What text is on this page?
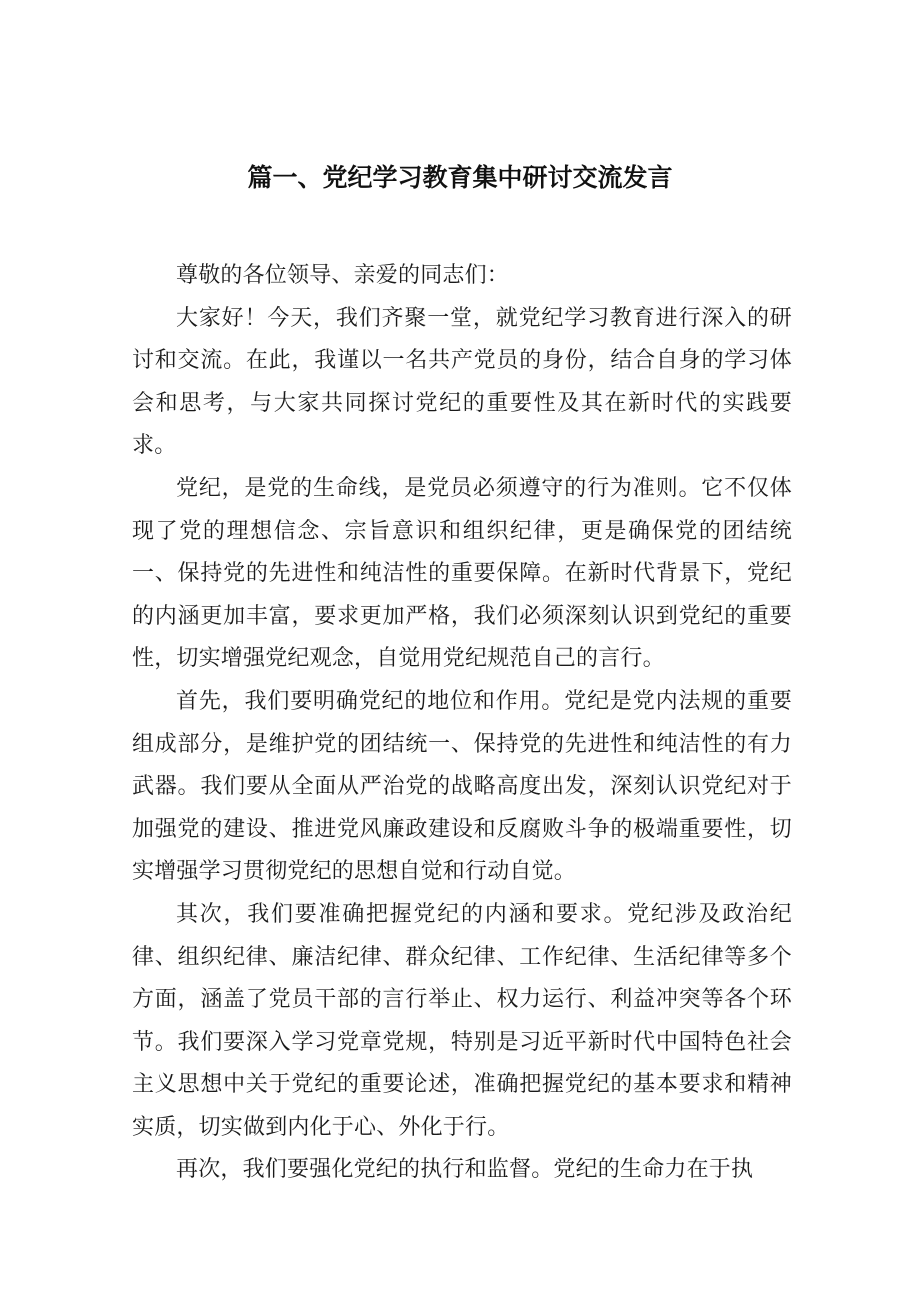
篇一、党纪学习教育集中研讨交流发言

尊敬的各位领导、亲爱的同志们：

大家好！今天，我们齐聚一堂，就党纪学习教育进行深入的研讨和交流。在此，我谨以一名共产党员的身份，结合自身的学习体会和思考，与大家共同探讨党纪的重要性及其在新时代的实践要求。

党纪，是党的生命线，是党员必须遵守的行为准则。它不仅体现了党的理想信念、宗旨意识和组织纪律，更是确保党的团结统一、保持党的先进性和纯洁性的重要保障。在新时代背景下，党纪的内涵更加丰富，要求更加严格，我们必须深刻认识到党纪的重要性，切实增强党纪观念，自觉用党纪规范自己的言行。

首先，我们要明确党纪的地位和作用。党纪是党内法规的重要组成部分，是维护党的团结统一、保持党的先进性和纯洁性的有力武器。我们要从全面从严治党的战略高度出发，深刻认识党纪对于加强党的建设、推进党风廉政建设和反腐败斗争的极端重要性，切实增强学习贯彻党纪的思想自觉和行动自觉。

其次，我们要准确把握党纪的内涵和要求。党纪涉及政治纪律、组织纪律、廉洁纪律、群众纪律、工作纪律、生活纪律等多个方面，涵盖了党员干部的言行举止、权力运行、利益冲突等各个环节。我们要深入学习党章党规，特别是习近平新时代中国特色社会主义思想中关于党纪的重要论述，准确把握党纪的基本要求和精神实质，切实做到内化于心、外化于行。

再次，我们要强化党纪的执行和监督。党纪的生命力在于执
